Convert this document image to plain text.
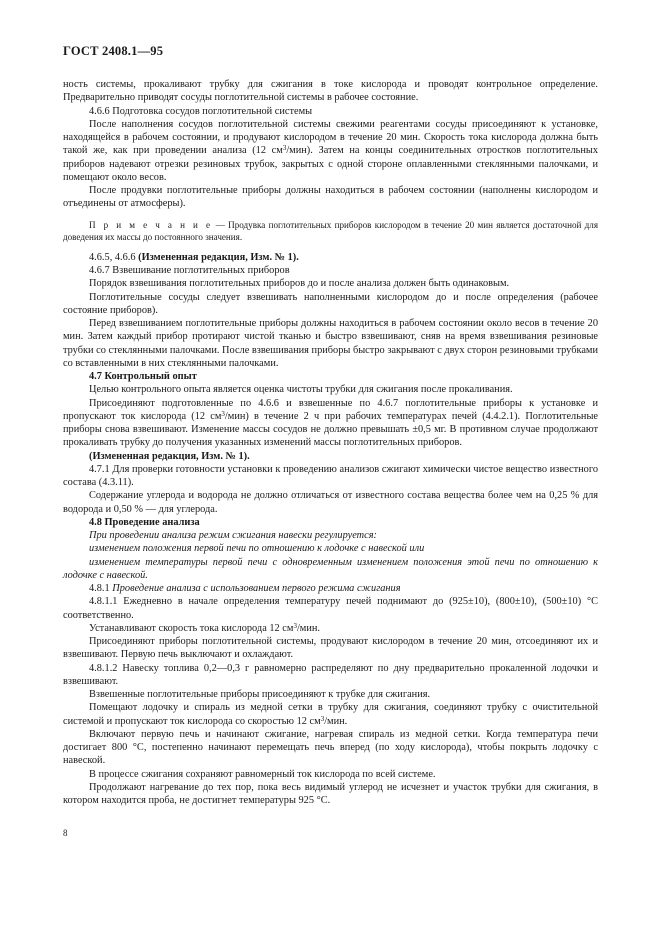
ГОСТ 2408.1—95

ность системы, прокаливают трубку для сжигания в токе кислорода и проводят контрольное определение. Предварительно приводят сосуды поглотительной системы в рабочее состояние.

4.6.6 Подготовка сосудов поглотительной системы

После наполнения сосудов поглотительной системы свежими реагентами сосуды присоединяют к установке, находящейся в рабочем состоянии, и продувают кислородом в течение 20 мин. Скорость тока кислорода должна быть такой же, как при проведении анализа (12 $см^3/мин$). Затем на концы соединительных отростков поглотительных приборов надевают отрезки резиновых трубок, закрытых с одной стороне оплавленными стеклянными палочками, и помещают около весов.

После продувки поглотительные приборы должны находиться в рабочем состоянии (наполнены кислородом и отъединены от атмосферы).

П р и м е ч а н и е — Продувка поглотительных приборов кислородом в течение 20 мин является достаточной для доведения их массы до постоянного значения.

4.6.5, 4.6.6 (Измененная редакция, Изм. № 1).

4.6.7 Взвешивание поглотительных приборов

Порядок взвешивания поглотительных приборов до и после анализа должен быть одинаковым.

Поглотительные сосуды следует взвешивать наполненными кислородом до и после определения (рабочее состояние приборов).

Перед взвешиванием поглотительные приборы должны находиться в рабочем состоянии около весов в течение 20 мин. Затем каждый прибор протирают чистой тканью и быстро взвешивают, сняв на время взвешивания резиновые трубки со стеклянными палочками. После взвешивания приборы быстро закрывают с двух сторон резиновыми трубками со вставленными в них стеклянными палочками.

4.7 Контрольный опыт

Целью контрольного опыта является оценка чистоты трубки для сжигания после прокаливания.

Присоединяют подготовленные по 4.6.6 и взвешенные по 4.6.7 поглотительные приборы к установке и пропускают ток кислорода (12 $см^3/мин$) в течение 2 ч при рабочих температурах печей (4.4.2.1). Поглотительные приборы снова взвешивают. Изменение массы сосудов не должно превышать ±0,5 мг. В противном случае продолжают прокаливать трубку до получения указанных изменений массы поглотительных приборов.

(Измененная редакция, Изм. № 1).

4.7.1 Для проверки готовности установки к проведению анализов сжигают химически чистое вещество известного состава (4.3.11).

Содержание углерода и водорода не должно отличаться от известного состава вещества более чем на 0,25 % для водорода и 0,50 % — для углерода.

4.8 Проведение анализа

При проведении анализа режим сжигания навески регулируется:

изменением положения первой печи по отношению к лодочке с навеской или

изменением температуры первой печи с одновременным изменением положения этой печи по отношению к лодочке с навеской.

4.8.1 Проведение анализа с использованием первого режима сжигания

4.8.1.1 Ежедневно в начале определения температуру печей поднимают до (925±10), (800±10), (500±10) °С соответственно.

Устанавливают скорость тока кислорода 12 $см^3$/мин.

Присоединяют приборы поглотительной системы, продувают кислородом в течение 20 мин, отсоединяют их и взвешивают. Первую печь выключают и охлаждают.

4.8.1.2 Навеску топлива 0,2—0,3 г равномерно распределяют по дну предварительно прокаленной лодочки и взвешивают.

Взвешенные поглотительные приборы присоединяют к трубке для сжигания.

Помещают лодочку и спираль из медной сетки в трубку для сжигания, соединяют трубку с очистительной системой и пропускают ток кислорода со скоростью 12 $см^3$/мин.

Включают первую печь и начинают сжигание, нагревая спираль из медной сетки. Когда температура печи достигает 800 °С, постепенно начинают перемещать печь вперед (по ходу кислорода), чтобы покрыть лодочку с навеской.

В процессе сжигания сохраняют равномерный ток кислорода по всей системе.

Продолжают нагревание до тех пор, пока весь видимый углерод не исчезнет и участок трубки для сжигания, в котором находится проба, не достигнет температуры 925 °С.

8
